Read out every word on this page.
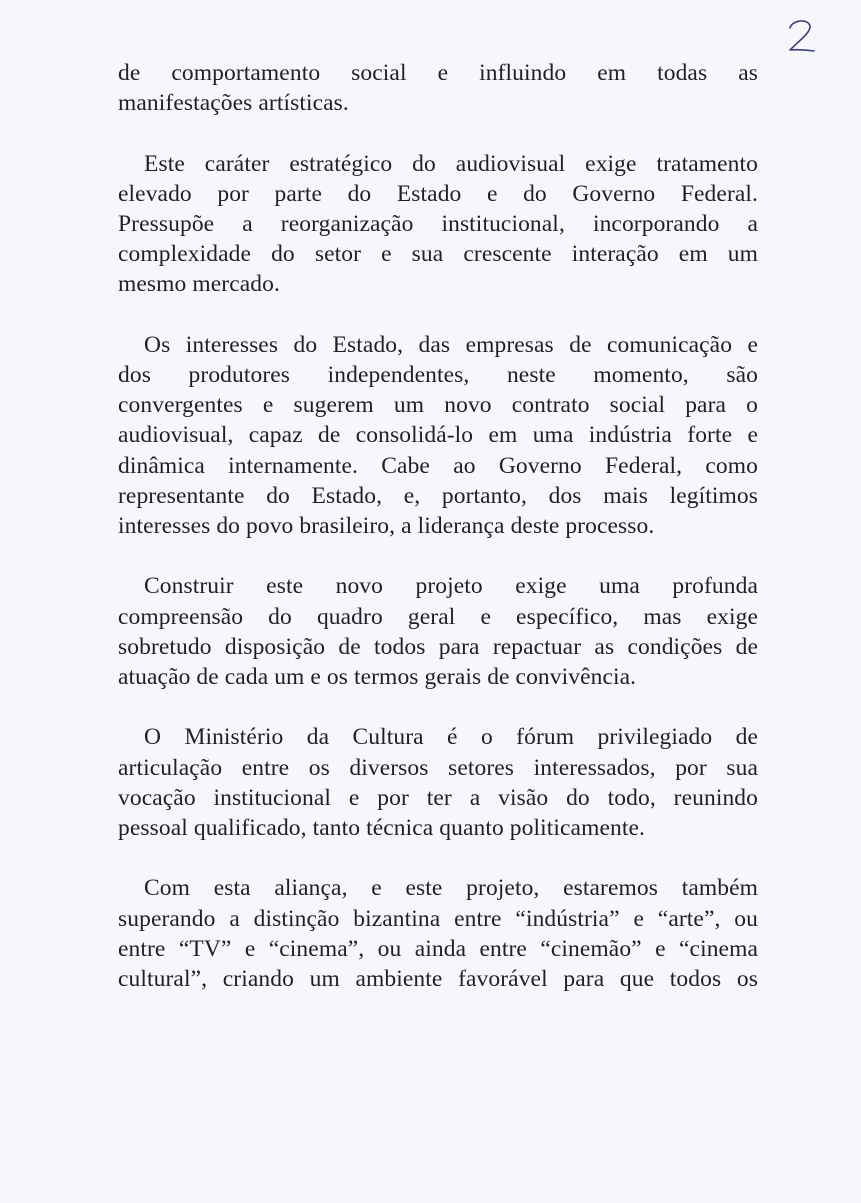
de comportamento social e influindo em todas as
manifestações artísticas.

Este caráter estratégico do audiovisual exige tratamento
elevado por parte do Estado e do Governo Federal.
Pressupõe a reorganização institucional, incorporando a
complexidade do setor e sua crescente interação em um
mesmo mercado.

Os interesses do Estado, das empresas de comunicação e
dos produtores independentes, neste momento, são
convergentes e sugerem um novo contrato social para o
audiovisual, capaz de consolidá-lo em uma indústria forte e
dinâmica internamente. Cabe ao Governo Federal, como
representante do Estado, e, portanto, dos mais legítimos
interesses do povo brasileiro, a liderança deste processo.

Construir este novo projeto exige uma profunda
compreensão do quadro geral e específico, mas exige
sobretudo disposição de todos para repactuar as condições de
atuação de cada um e os termos gerais de convivência.

O Ministério da Cultura é o fórum privilegiado de
articulação entre os diversos setores interessados, por sua
vocação institucional e por ter a visão do todo, reunindo
pessoal qualificado, tanto técnica quanto politicamente.

Com esta aliança, e este projeto, estaremos também
superando a distinção bizantina entre “indústria” e “arte”, ou
entre “TV” e “cinema”, ou ainda entre “cinemão” e “cinema
cultural”, criando um ambiente favorável para que todos os
